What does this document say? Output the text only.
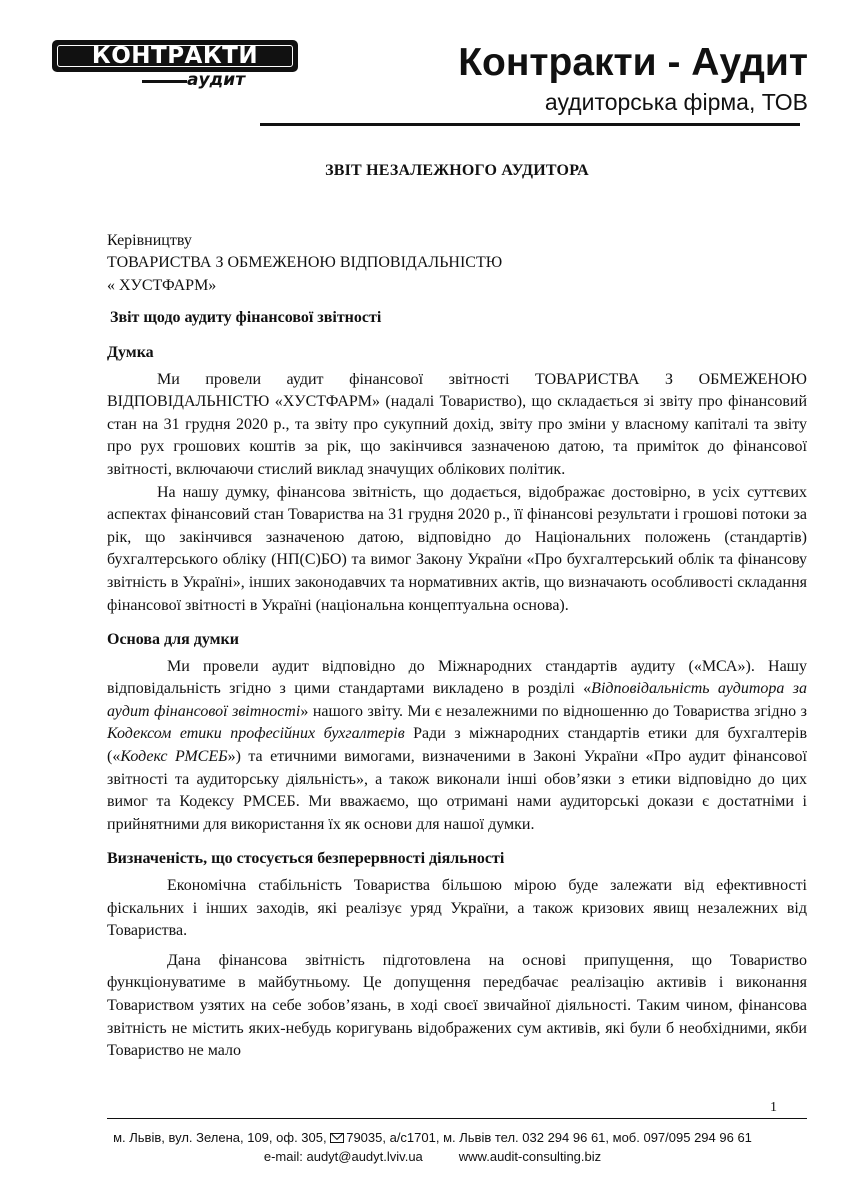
КОНТРАКТИ
аудит	Контракти - Аудит
аудиторська фірма, ТОВ
ЗВІТ НЕЗАЛЕЖНОГО АУДИТОРА

Керівництву

ТОВАРИСТВА З ОБМЕЖЕНОЮ ВІДПОВІДАЛЬНІСТЮ

« ХУСТФАРМ»

Звіт щодо аудиту фінансової звітності
Думка

Ми провели аудит фінансової звітності ТОВАРИСТВА З ОБМЕЖЕНОЮ ВІДПОВІДАЛЬНІСТЮ «ХУСТФАРМ» (надалі Товариство), що складається зі звіту про фінансовий стан на 31 грудня 2020 р., та звіту про сукупний дохід, звіту про зміни у власному капіталі та звіту про рух грошових коштів за рік, що закінчився зазначеною датою, та приміток до фінансової звітності, включаючи стислий виклад значущих облікових політик.

На нашу думку, фінансова звітність, що додається, відображає достовірно, в усіх суттєвих аспектах фінансовий стан Товариства на 31 грудня 2020 р., її фінансові результати і грошові потоки за рік, що закінчився зазначеною датою, відповідно до Національних положень (стандартів) бухгалтерського обліку (НП(С)БО) та вимог Закону України «Про бухгалтерський облік та фінансову звітність в Україні», інших законодавчих та нормативних актів, що визначають особливості складання фінансової звітності в Україні (національна концептуальна основа).

Основа для думки

Ми провели аудит відповідно до Міжнародних стандартів аудиту («МСА»). Нашу відповідальність згідно з цими стандартами викладено в розділі «Відповідальність аудитора за аудит фінансової звітності» нашого звіту. Ми є незалежними по відношенню до Товариства згідно з Кодексом етики професійних бухгалтерів Ради з міжнародних стандартів етики для бухгалтерів («Кодекс РМСЕБ») та етичними вимогами, визначеними в Законі України «Про аудит фінансової звітності та аудиторську діяльність», а також виконали інші обов’язки з етики відповідно до цих вимог та Кодексу РМСЕБ. Ми вважаємо, що отримані нами аудиторські докази є достатніми і прийнятними для використання їх як основи для нашої думки.

Визначеність, що стосується безперервності діяльності

Економічна стабільність Товариства більшою мірою буде залежати від ефективності фіскальних і інших заходів, які реалізує уряд України, а також кризових явищ незалежних від Товариства.

Дана фінансова звітність підготовлена на основі припущення, що Товариство функціонуватиме в майбутньому. Це допущення передбачає реалізацію активів і виконання Товариством узятих на себе зобов’язань, в ході своєї звичайної діяльності. Таким чином, фінансова звітність не містить яких-небудь коригувань відображених сум активів, які були б необхідними, якби Товариство не мало

1
м. Львів, вул. Зелена, 109, оф. 305, 79035, а/с1701, м. Львів тел. 032 294 96 61, моб. 097/095 294 96 61
e-mail: audyt@audyt.lviv.ua	www.audit-consulting.biz
